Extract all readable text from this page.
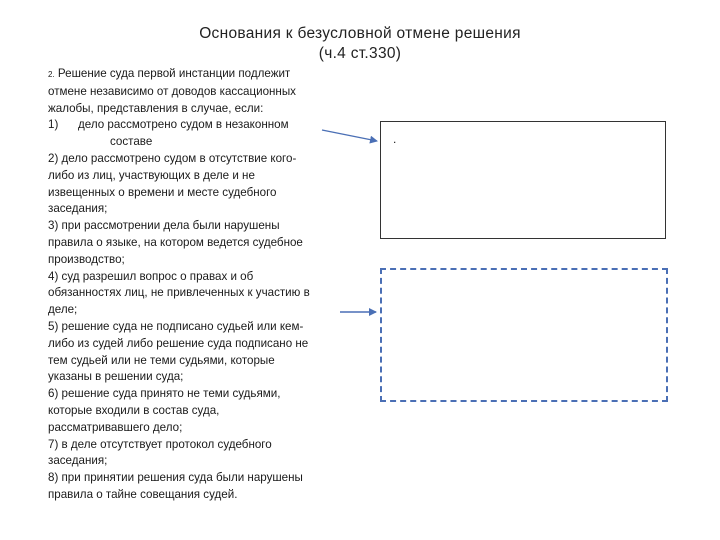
Основания к безусловной отмене решения
(ч.4 ст.330)
2. Решение суда первой инстанции подлежит
отмене независимо от доводов кассационных
жалобы, представления в случае, если:
1) дело рассмотрено судом в незаконном
составе
2) дело рассмотрено судом в отсутствие кого-
либо из лиц, участвующих в деле и не
извещенных о времени и месте судебного
заседания;
3) при рассмотрении дела были нарушены
правила о языке, на котором ведется судебное
производство;
4) суд разрешил вопрос о правах и об
обязанностях лиц, не привлеченных к участию в
деле;
5) решение суда не подписано судьей или кем-
либо из судей либо решение суда подписано не
тем судьей или не теми судьями, которые
указаны в решении суда;
6) решение суда принято не теми судьями,
которые входили в состав суда,
рассматривавшего дело;
7) в деле отсутствует протокол судебного
заседания;
8) при принятии решения суда были нарушены
правила о тайне совещания судей.
.
